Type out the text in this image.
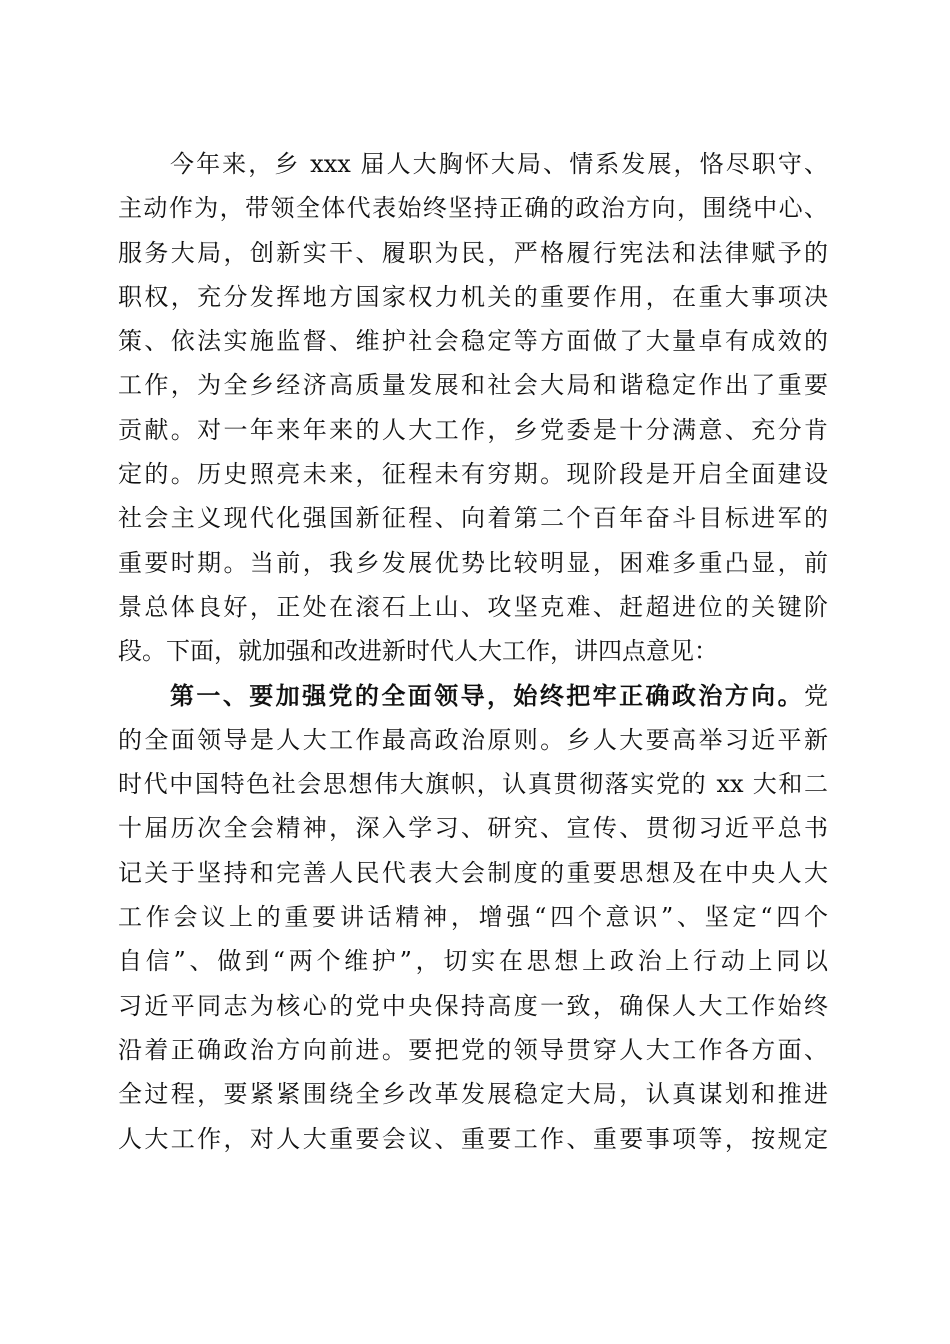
今年来，乡 xxx 届人大胸怀大局、情系发展，恪尽职守、
主动作为，带领全体代表始终坚持正确的政治方向，围绕中心、
服务大局，创新实干、履职为民，严格履行宪法和法律赋予的
职权，充分发挥地方国家权力机关的重要作用，在重大事项决
策、依法实施监督、维护社会稳定等方面做了大量卓有成效的
工作，为全乡经济高质量发展和社会大局和谐稳定作出了重要
贡献。对一年来年来的人大工作，乡党委是十分满意、充分肯
定的。历史照亮未来，征程未有穷期。现阶段是开启全面建设
社会主义现代化强国新征程、向着第二个百年奋斗目标进军的
重要时期。当前，我乡发展优势比较明显，困难多重凸显，前
景总体良好，正处在滚石上山、攻坚克难、赶超进位的关键阶
段。下面，就加强和改进新时代人大工作，讲四点意见：
第一、要加强党的全面领导，始终把牢正确政治方向。党
的全面领导是人大工作最高政治原则。乡人大要高举习近平新
时代中国特色社会思想伟大旗帜，认真贯彻落实党的 xx 大和二
十届历次全会精神，深入学习、研究、宣传、贯彻习近平总书
记关于坚持和完善人民代表大会制度的重要思想及在中央人大
工作会议上的重要讲话精神，增强“四个意识”、坚定“四个
自信”、做到“两个维护”，切实在思想上政治上行动上同以
习近平同志为核心的党中央保持高度一致，确保人大工作始终
沿着正确政治方向前进。要把党的领导贯穿人大工作各方面、
全过程，要紧紧围绕全乡改革发展稳定大局，认真谋划和推进
人大工作，对人大重要会议、重要工作、重要事项等，按规定
